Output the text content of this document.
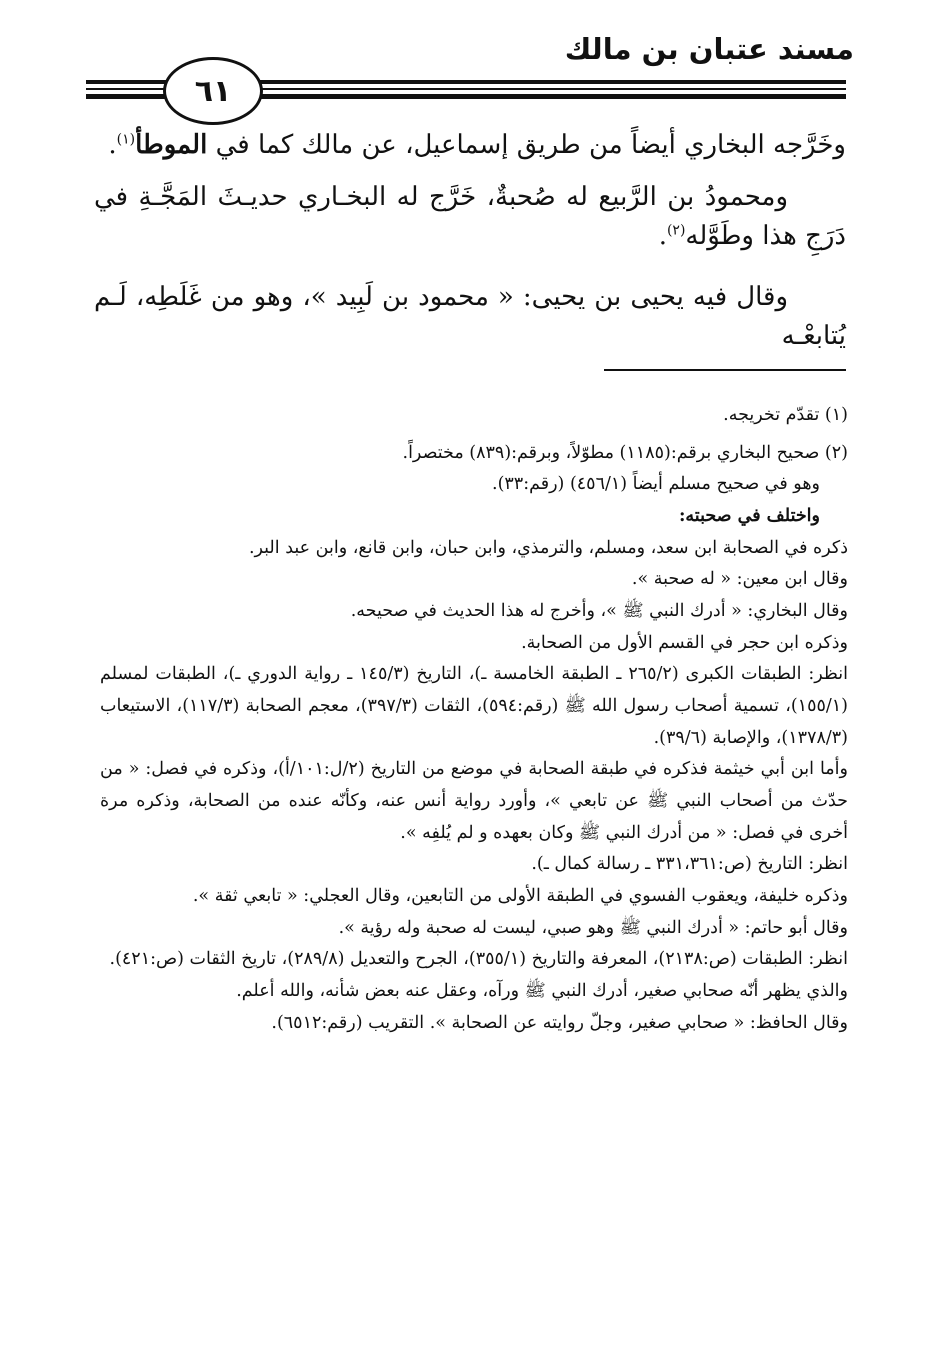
مسند عتبان بن مالك
٦١

وخَرَّجه البخاري أيضاً من طريق إسماعيل، عن مالك كما في الموطأ$^{(١)}$.

ومحمودُ بن الرَّبيع له صُحبةٌ، خَرَّج له البخـاري حديـثَ المَجَّـةِ في دَرَجِ هذا وطَوَّله$^{(٢)}$.

وقال فيه يحيى بن يحيى: « محمود بن لَبِيد »، وهو من غَلَطِه، لَـم يُتابعْـه

(١) تقدّم تخريجه.

(٢) صحيح البخاري برقم:(١١٨٥) مطوّلاً، وبرقم:(٨٣٩) مختصراً.

وهو في صحيح مسلم أيضاً (٤٥٦/١) (رقم:٣٣).

واختلف في صحبته:

ذكره في الصحابة ابن سعد، ومسلم، والترمذي، وابن حبان، وابن قانع، وابن عبد البر.

وقال ابن معين: « له صحبة ».

وقال البخاري: « أدرك النبي ﷺ »، وأخرج له هذا الحديث في صحيحه.

وذكره ابن حجر في القسم الأول من الصحابة.

انظر: الطبقات الكبرى (٢٦٥/٢ ـ الطبقة الخامسة ـ)، التاريخ (١٤٥/٣ ـ رواية الدوري ـ)، الطبقات لمسلم (١٥٥/١)، تسمية أصحاب رسول الله ﷺ (رقم:٥٩٤)، الثقات (٣٩٧/٣)، معجم الصحابة (١١٧/٣)، الاستيعاب (١٣٧٨/٣)، والإصابة (٣٩/٦).

وأما ابن أبي خيثمة فذكره في طبقة الصحابة في موضع من التاريخ (٢/ل:١٠١/أ)، وذكره في فصل: « من حدّث من أصحاب النبي ﷺ عن تابعي »، وأورد رواية أنس عنه، وكأنّه عنده من الصحابة، وذكره مرة أخرى في فصل: « من أدرك النبي ﷺ وكان بعهده و لم يُلفِه ».

انظر: التاريخ (ص:٣٣١،٣٦١ ـ رسالة كمال ـ).

وذكره خليفة، ويعقوب الفسوي في الطبقة الأولى من التابعين، وقال العجلي: « تابعي ثقة ».

وقال أبو حاتم: « أدرك النبي ﷺ وهو صبي، ليست له صحبة وله رؤية ».

انظر: الطبقات (ص:٢١٣٨)، المعرفة والتاريخ (٣٥٥/١)، الجرح والتعديل (٢٨٩/٨)، تاريخ الثقات (ص:٤٢١).

والذي يظهر أنّه صحابي صغير، أدرك النبي ﷺ ورآه، وعقل عنه بعض شأنه، والله أعلم.

وقال الحافظ: « صحابي صغير، وجلّ روايته عن الصحابة ». التقريب (رقم:٦٥١٢).
